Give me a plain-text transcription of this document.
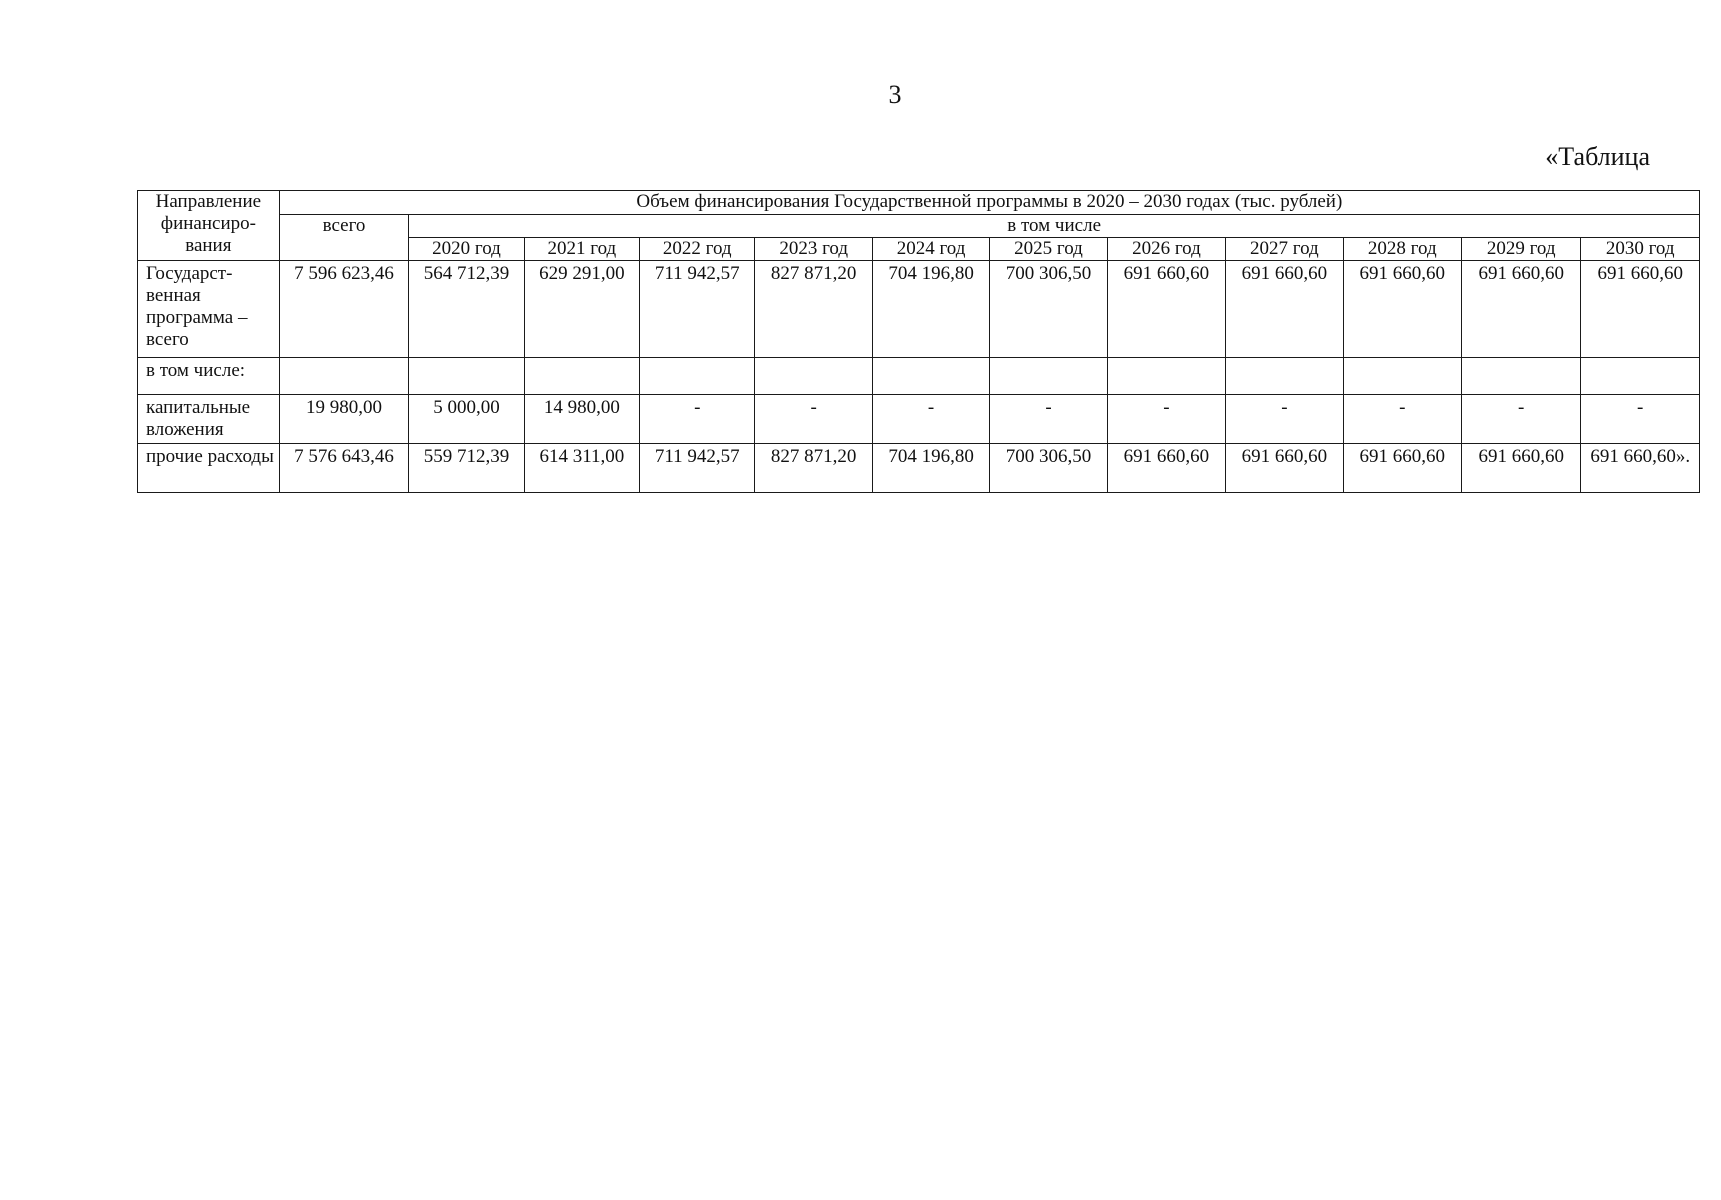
3
«Таблица
Направление финансиро-вания	Объем финансирования Государственной программы в 2020 – 2030 годах (тыс. рублей)											
	всего	в том числе										
		2020 год	2021 год	2022 год	2023 год	2024 год	2025 год	2026 год	2027 год	2028 год	2029 год	2030 год
Государст-венная программа – всего	7 596 623,46	564 712,39	629 291,00	711 942,57	827 871,20	704 196,80	700 306,50	691 660,60	691 660,60	691 660,60	691 660,60	691 660,60
в том числе:												
капитальные вложения	19 980,00	5 000,00	14 980,00	-	-	-	-	-	-	-	-	-
прочие расходы	7 576 643,46	559 712,39	614 311,00	711 942,57	827 871,20	704 196,80	700 306,50	691 660,60	691 660,60	691 660,60	691 660,60	691 660,60».
